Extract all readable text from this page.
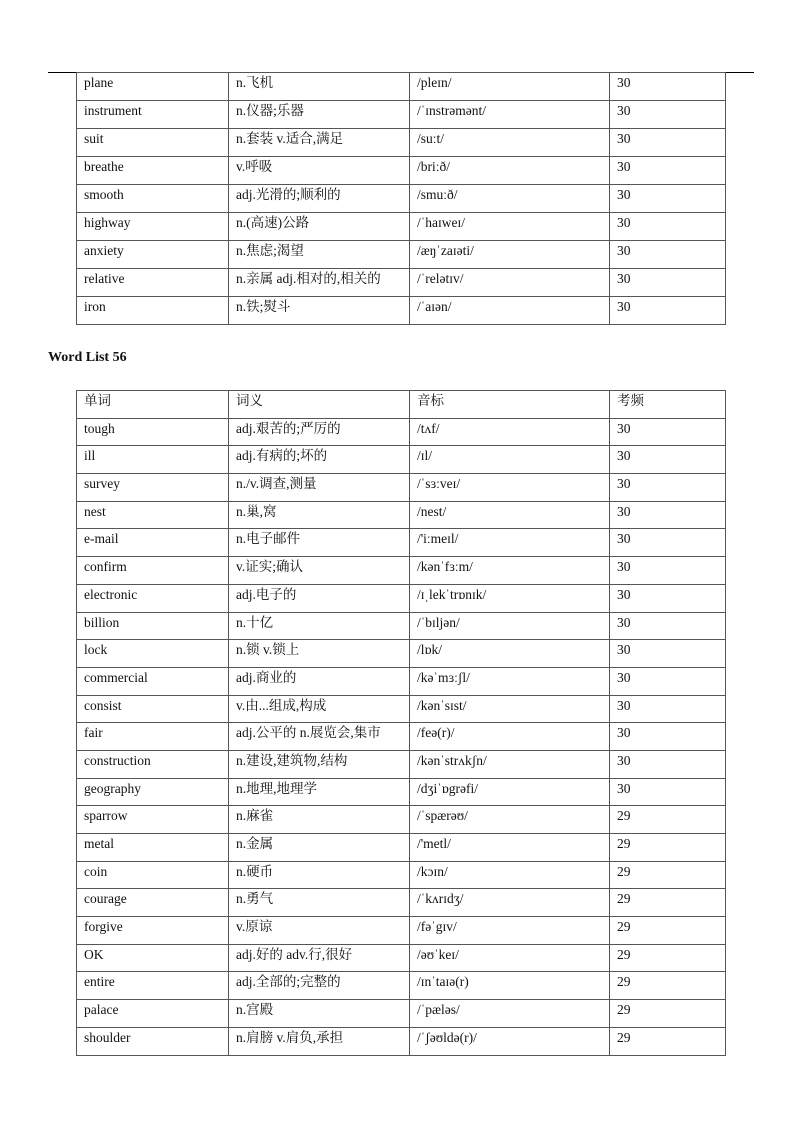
plane	n.飞机	/pleɪn/	30
instrument	n.仪器;乐器	/ˈɪnstrəmənt/	30
suit	n.套装 v.适合,满足	/suːt/	30
breathe	v.呼吸	/briːð/	30
smooth	adj.光滑的;顺利的	/smuːð/	30
highway	n.(高速)公路	/ˈhaɪweɪ/	30
anxiety	n.焦虑;渴望	/æŋˈzaɪəti/	30
relative	n.亲属 adj.相对的,相关的	/ˈrelətɪv/	30
iron	n.铁;熨斗	/ˈaɪən/	30
Word List 56
单词	词义	音标	考频
tough	adj.艰苦的;严厉的	/tʌf/	30
ill	adj.有病的;坏的	/ɪl/	30
survey	n./v.调查,测量	/ˈsɜːveɪ/	30
nest	n.巢,窝	/nest/	30
e-mail	n.电子邮件	/'iːmeɪl/	30
confirm	v.证实;确认	/kənˈfɜːm/	30
electronic	adj.电子的	/ɪˌlekˈtrɒnɪk/	30
billion	n.十亿	/ˈbɪljən/	30
lock	n.锁 v.锁上	/lɒk/	30
commercial	adj.商业的	/kəˈmɜːʃl/	30
consist	v.由...组成,构成	/kənˈsɪst/	30
fair	adj.公平的 n.展览会,集市	/feə(r)/	30
construction	n.建设,建筑物,结构	/kənˈstrʌkʃn/	30
geography	n.地理,地理学	/dʒiˈɒgrəfi/	30
sparrow	n.麻雀	/ˈspærəʊ/	29
metal	n.金属	/'metl/	29
coin	n.硬币	/kɔɪn/	29
courage	n.勇气	/ˈkʌrɪdʒ/	29
forgive	v.原谅	/fəˈgɪv/	29
OK	adj.好的 adv.行,很好	/əʊˈkeɪ/	29
entire	adj.全部的;完整的	/ɪnˈtaɪə(r)	29
palace	n.宫殿	/ˈpæləs/	29
shoulder	n.肩膀 v.肩负,承担	/ˈʃəʊldə(r)/	29
